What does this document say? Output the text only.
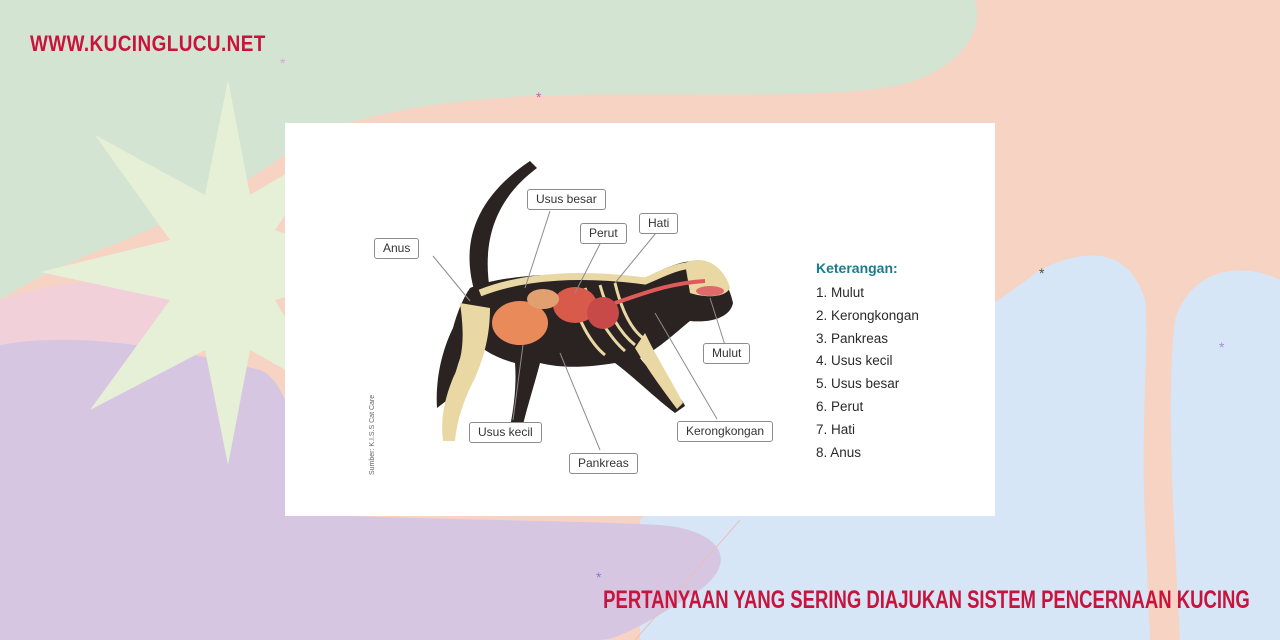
*
*
*
*
*
WWW.KUCINGLUCU.NET
Usus besar
Hati
Perut
Anus
Mulut
Usus kecil	Kerongkongan
Pankreas
Sumber: K.I.S.S Cat Care
Keterangan:
1. Mulut
2. Kerongkongan
3. Pankreas
4. Usus kecil
5. Usus besar
6. Perut
7. Hati
8. Anus
PERTANYAAN YANG SERING DIAJUKAN SISTEM PENCERNAAN KUCING
